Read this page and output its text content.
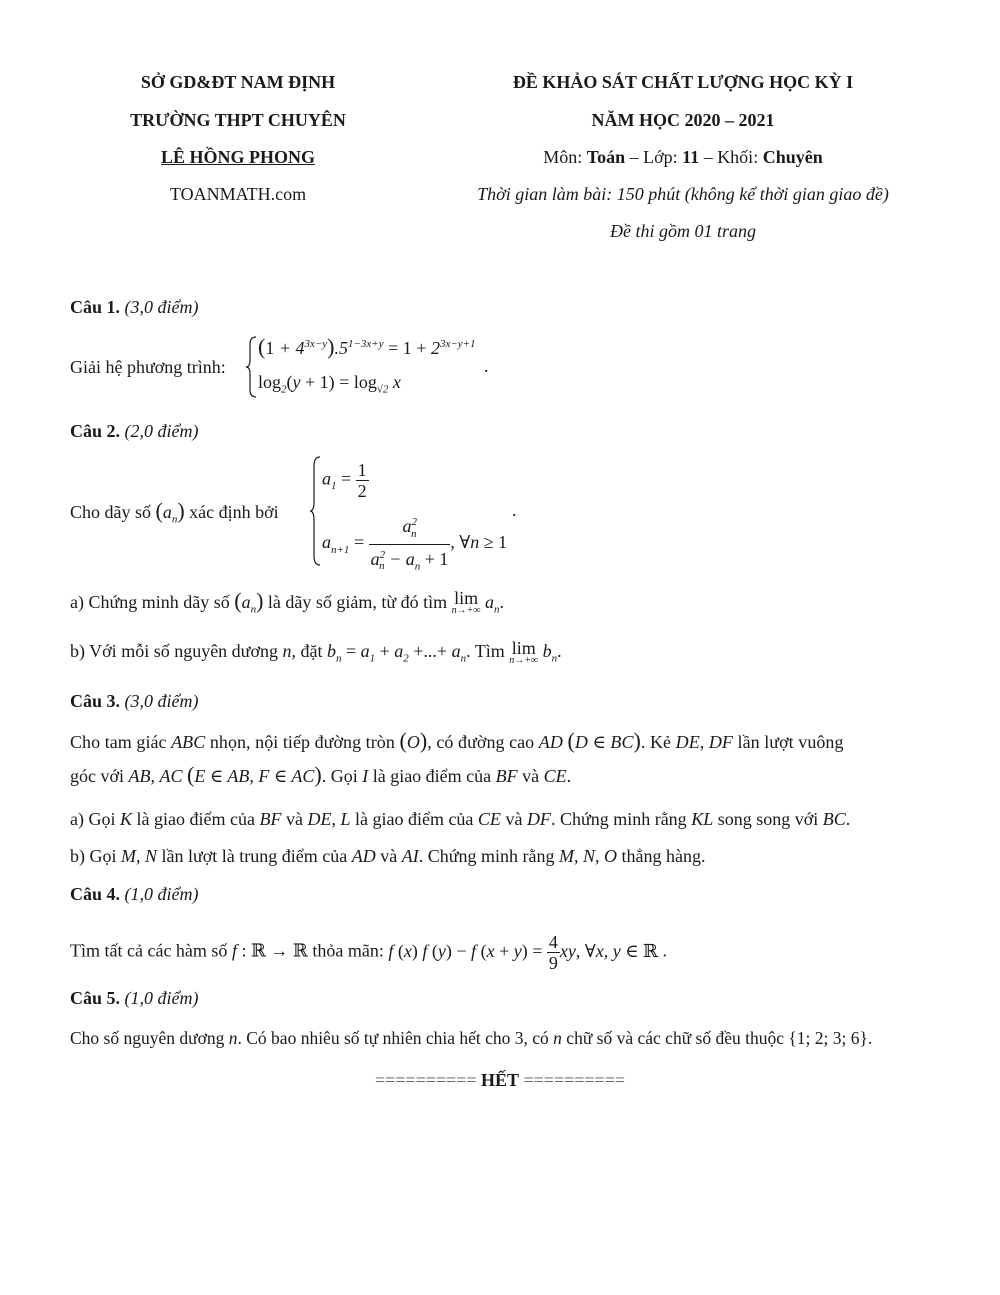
SỞ GD&ĐT NAM ĐỊNH
TRƯỜNG THPT CHUYÊN
LÊ HỒNG PHONG
TOANMATH.com
ĐỀ KHẢO SÁT CHẤT LƯỢNG HỌC KỲ I
NĂM HỌC 2020 – 2021
Môn: Toán – Lớp: 11 – Khối: Chuyên
Thời gian làm bài: 150 phút (không kể thời gian giao đề)
Đề thi gồm 01 trang
Câu 1. (3,0 điểm)
Giải hệ phương trình:
$(1 + 4^{3x-y}).5^{1-3x+y} = 1 + 2^{3x-y+1}$
$\log_2(y + 1) = \log_{√2} x$
.
Câu 2. (2,0 điểm)
Cho dãy số $(a_n)$ xác định bởi
$a_1 = \frac{1}{2}$
$a_{n+1} = \frac{a^2_n}{a^2_n - a_n + 1}$ , ∀n ≥ 1
.
a) Chứng minh dãy số $(a_n)$ là dãy số giảm, từ đó tìm lim
n→+∞ $a_n$.
b) Với mỗi số nguyên dương n, đặt $b_n = a_1 + a_2$ +...+ $a_n$. Tìm lim
n→+∞ $b_n$.
Câu 3. (3,0 điểm)
Cho tam giác ABC nhọn, nội tiếp đường tròn (O), có đường cao AD (D ∈ BC). Kẻ DE, DF lần lượt vuông
góc với AB, AC (E ∈ AB, F ∈ AC). Gọi I là giao điểm của BF và CE.
a) Gọi K là giao điểm của BF và DE, L là giao điểm của CE và DF. Chứng minh rằng KL song song với BC.
b) Gọi M, N lần lượt là trung điểm của AD và AI. Chứng minh rằng M, N, O thẳng hàng.
Câu 4. (1,0 điểm)
Tìm tất cả các hàm số f : ℝ → ℝ thỏa mãn: f (x) f (y) − f $(x + y) = \frac{4}{9}$ xy, ∀x, y ∈ ℝ .
Câu 5. (1,0 điểm)
Cho số nguyên dương n. Có bao nhiêu số tự nhiên chia hết cho 3, có n chữ số và các chữ số đều thuộc {1; 2; 3; 6}.
========== HẾT ==========
